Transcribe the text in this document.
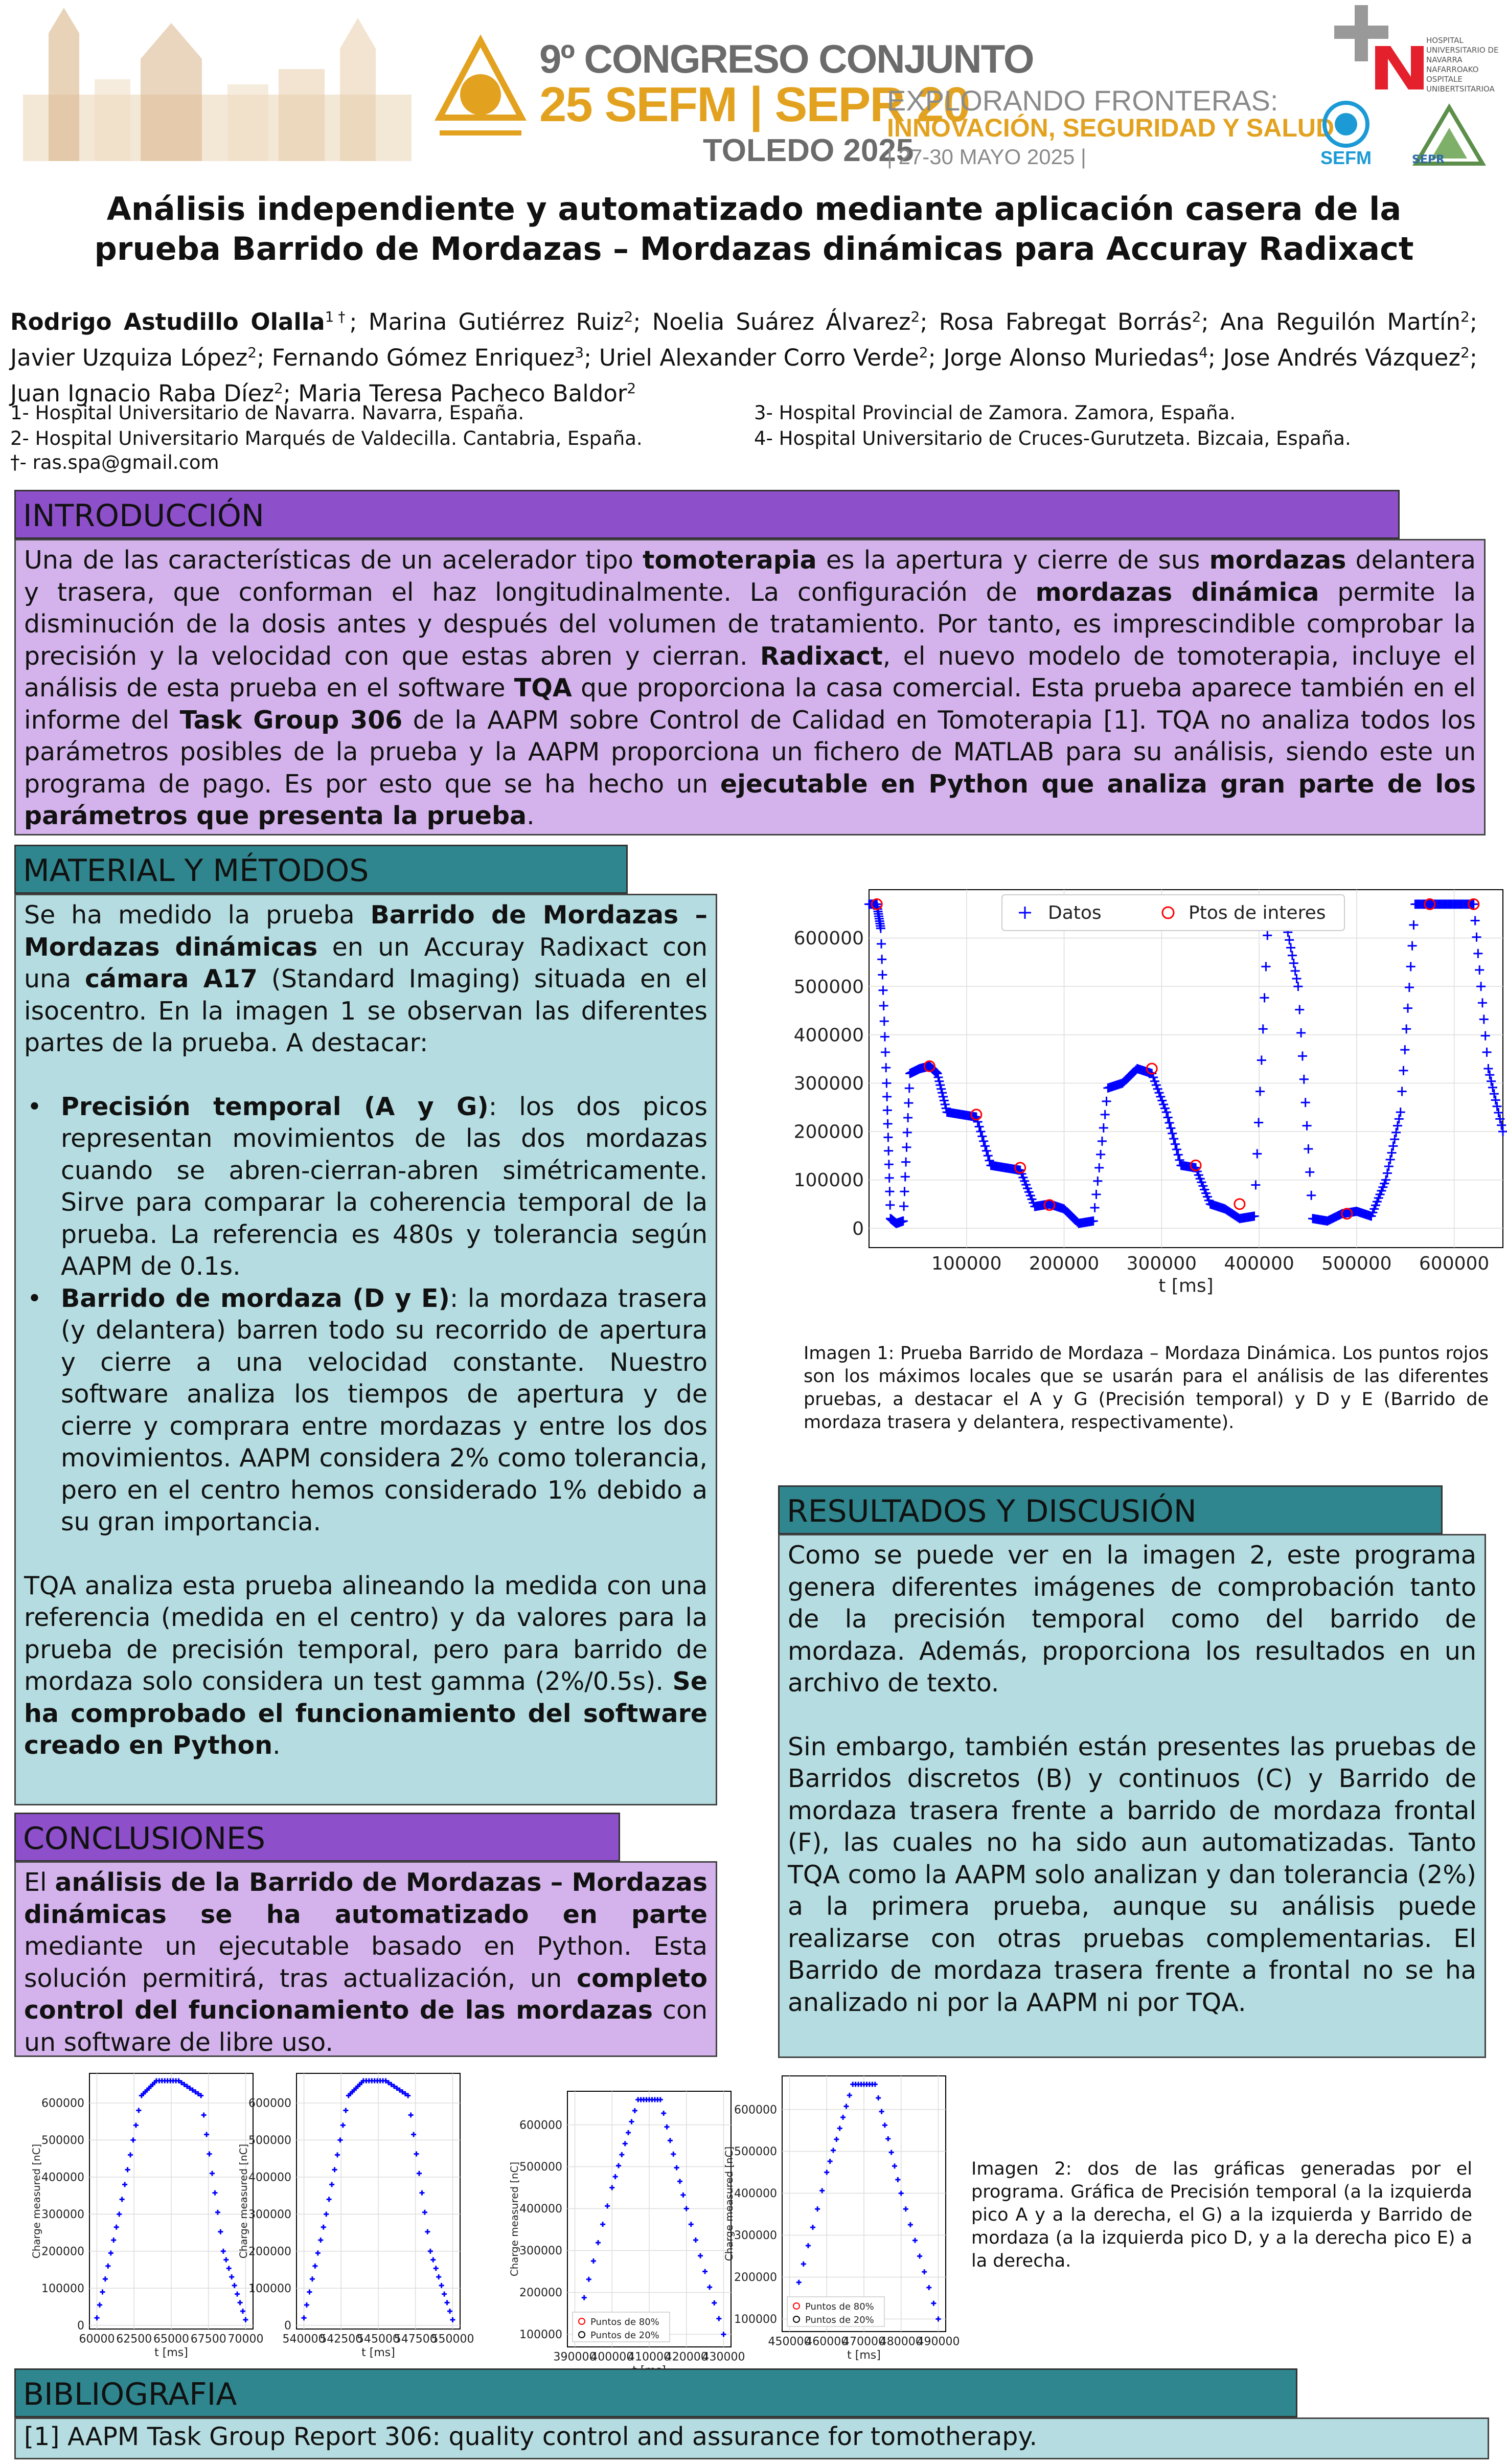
9º CONGRESO CONJUNTO
25 SEFM | SEPR 20
TOLEDO 2025
EXPLORANDO FRONTERAS:
INNOVACIÓN, SEGURIDAD Y SALUD
| 27-30 MAYO 2025 |
HOSPITAL UNIVERSITARIO DE NAVARRA NAFARROAKO OSPITALE UNIBERTSITARIOA
SEFM	SEPR
Análisis independiente y automatizado mediante aplicación casera de la
prueba Barrido de Mordazas – Mordazas dinámicas para Accuray Radixact
Rodrigo Astudillo Olalla$^{1\dagger}$; Marina Gutiérrez Ruiz$^2$; Noelia Suárez Álvarez$^2$; Rosa Fabregat Borrás$^2$; Ana Reguilón Martín$^2$; Javier Uzquiza López$^2$; Fernando Gómez Enriquez$^3$; Uriel Alexander Corro Verde$^2$; Jorge Alonso Muriedas$^4$; Jose Andrés Vázquez$^2$; Juan Ignacio Raba Díez$^2$; Maria Teresa Pacheco Baldor$^2$
1- Hospital Universitario de Navarra. Navarra, España.
2- Hospital Universitario Marqués de Valdecilla. Cantabria, España.
†- ras.spa@gmail.com
3- Hospital Provincial de Zamora. Zamora, España.
4- Hospital Universitario de Cruces-Gurutzeta. Bizcaia, España.
INTRODUCCIÓN
Una de las características de un acelerador tipo tomoterapia es la apertura y cierre de sus mordazas delantera y trasera, que conforman el haz longitudinalmente. La configuración de mordazas dinámica permite la disminución de la dosis antes y después del volumen de tratamiento. Por tanto, es imprescindible comprobar la precisión y la velocidad con que estas abren y cierran. Radixact, el nuevo modelo de tomoterapia, incluye el análisis de esta prueba en el software TQA que proporciona la casa comercial. Esta prueba aparece también en el informe del Task Group 306 de la AAPM sobre Control de Calidad en Tomoterapia [1]. TQA no analiza todos los parámetros posibles de la prueba y la AAPM proporciona un fichero de MATLAB para su análisis, siendo este un programa de pago. Es por esto que se ha hecho un ejecutable en Python que analiza gran parte de los parámetros que presenta la prueba.
MATERIAL Y MÉTODOS

Se ha medido la prueba Barrido de Mordazas – Mordazas dinámicas en un Accuray Radixact con una cámara A17 (Standard Imaging) situada en el isocentro. En la imagen 1 se observan las diferentes partes de la prueba. A destacar:

• Precisión temporal (A y G): los dos picos representan movimientos de las dos mordazas cuando se abren-cierran-abren simétricamente. Sirve para comparar la coherencia temporal de la prueba. La referencia es 480s y tolerancia según AAPM de 0.1s.
• Barrido de mordaza (D y E): la mordaza trasera (y delantera) barren todo su recorrido de apertura y cierre a una velocidad constante. Nuestro software analiza los tiempos de apertura y de cierre y comprara entre mordazas y entre los dos movimientos. AAPM considera 2% como tolerancia, pero en el centro hemos considerado 1% debido a su gran importancia.

TQA analiza esta prueba alineando la medida con una referencia (medida en el centro) y da valores para la prueba de precisión temporal, pero para barrido de mordaza solo considera un test gamma (2%/0.5s). Se ha comprobado el funcionamiento del software creado en Python.

CONCLUSIONES
El análisis de la Barrido de Mordazas – Mordazas dinámicas se ha automatizado en parte mediante un ejecutable basado en Python. Esta solución permitirá, tras actualización, un completo control del funcionamiento de las mordazas con un software de libre uso.
100000 200000 300000 400000 500000 600000
0
100000
200000
300000
400000
500000
600000
t [ms]
Datos	Ptos de interes
Imagen 1: Prueba Barrido de Mordaza – Mordaza Dinámica. Los puntos rojos son los máximos locales que se usarán para el análisis de las diferentes pruebas, a destacar el A y G (Precisión temporal) y D y E (Barrido de mordaza trasera y delantera, respectivamente).
RESULTADOS Y DISCUSIÓN

Como se puede ver en la imagen 2, este programa genera diferentes imágenes de comprobación tanto de la precisión temporal como del barrido de mordaza. Además, proporciona los resultados en un archivo de texto.

Sin embargo, también están presentes las pruebas de Barridos discretos (B) y continuos (C) y Barrido de mordaza trasera frente a barrido de mordaza frontal (F), las cuales no ha sido aun automatizadas. Tanto TQA como la AAPM solo analizan y dan tolerancia (2%) a la primera prueba, aunque su análisis puede realizarse con otras pruebas complementarias. El Barrido de mordaza trasera frente a frontal no se ha analizado ni por la AAPM ni por TQA.

60000 62500 65000 67500 70000
0
100000
200000
300000
400000
500000
600000
t [ms]
Charge measured [nC]
540000
542500
545000
547500
550000
0
100000
200000
300000
400000
500000
600000
t [ms]
Charge measured [nC]
390000
400000
410000
420000
430000
100000
200000
300000
400000
500000
600000
Charge measured [nC]
Puntos de 80%
Puntos de 20%	450000
460000
470000
480000
490000
100000
200000
300000
400000
500000
600000
t [ms]
Charge measured [nC]
Puntos de 80%
Puntos de 20%
Imagen 2: dos de las gráficas generadas por el programa. Gráfica de Precisión temporal (a la izquierda pico A y a la derecha, el G) a la izquierda y Barrido de mordaza (a la izquierda pico D, y a la derecha pico E) a la derecha.
BIBLIOGRAFIA
[1] AAPM Task Group Report 306: quality control and assurance for tomotherapy.
